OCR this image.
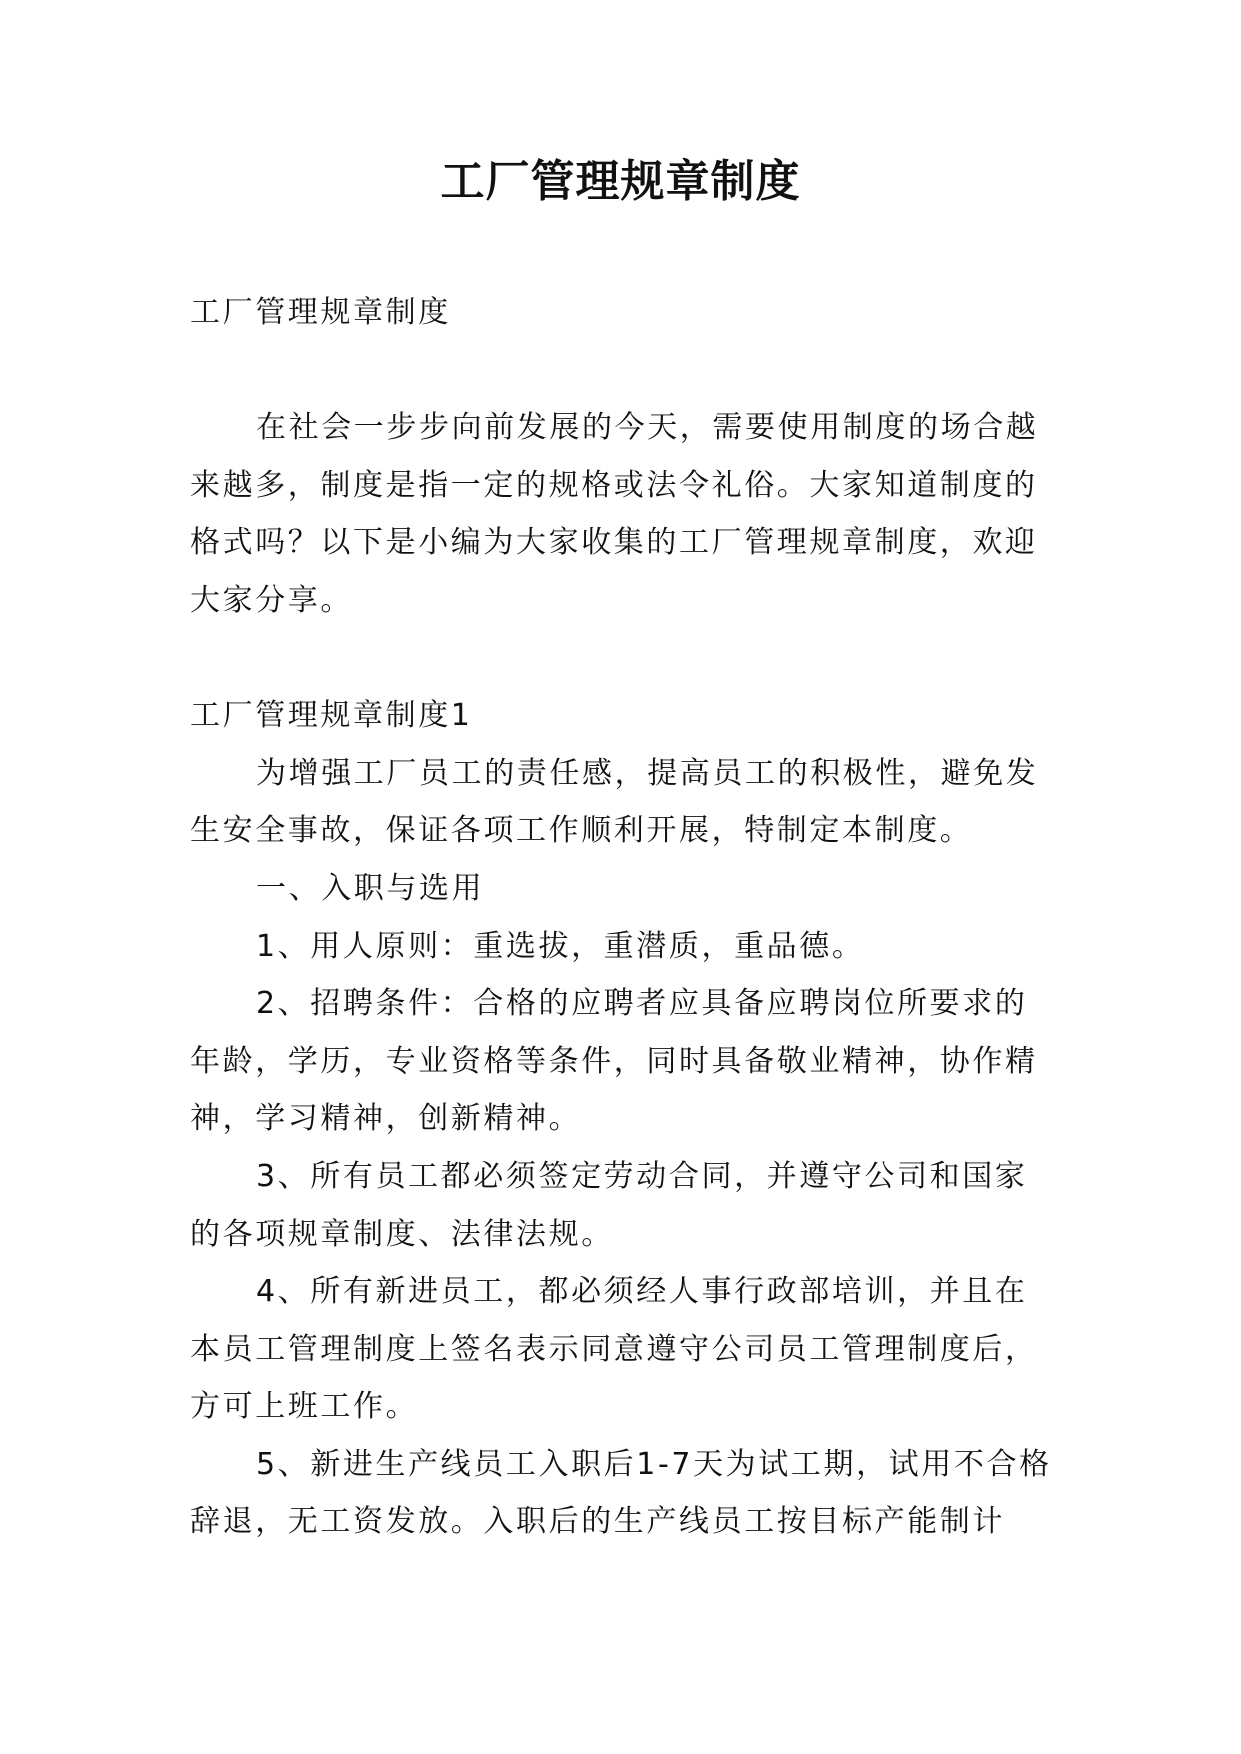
工厂管理规章制度

工厂管理规章制度

在社会一步步向前发展的今天，需要使用制度的场合越来越多，制度是指一定的规格或法令礼俗。大家知道制度的格式吗？以下是小编为大家收集的工厂管理规章制度，欢迎大家分享。

工厂管理规章制度1

为增强工厂员工的责任感，提高员工的积极性，避免发生安全事故，保证各项工作顺利开展，特制定本制度。

一、入职与选用

1、用人原则：重选拔，重潜质，重品德。

2、招聘条件：合格的应聘者应具备应聘岗位所要求的年龄，学历，专业资格等条件，同时具备敬业精神，协作精神，学习精神，创新精神。

3、所有员工都必须签定劳动合同，并遵守公司和国家的各项规章制度、法律法规。

4、所有新进员工，都必须经人事行政部培训，并且在本员工管理制度上签名表示同意遵守公司员工管理制度后，方可上班工作。

5、新进生产线员工入职后1-7天为试工期，试用不合格辞退，无工资发放。入职后的生产线员工按目标产能制计
